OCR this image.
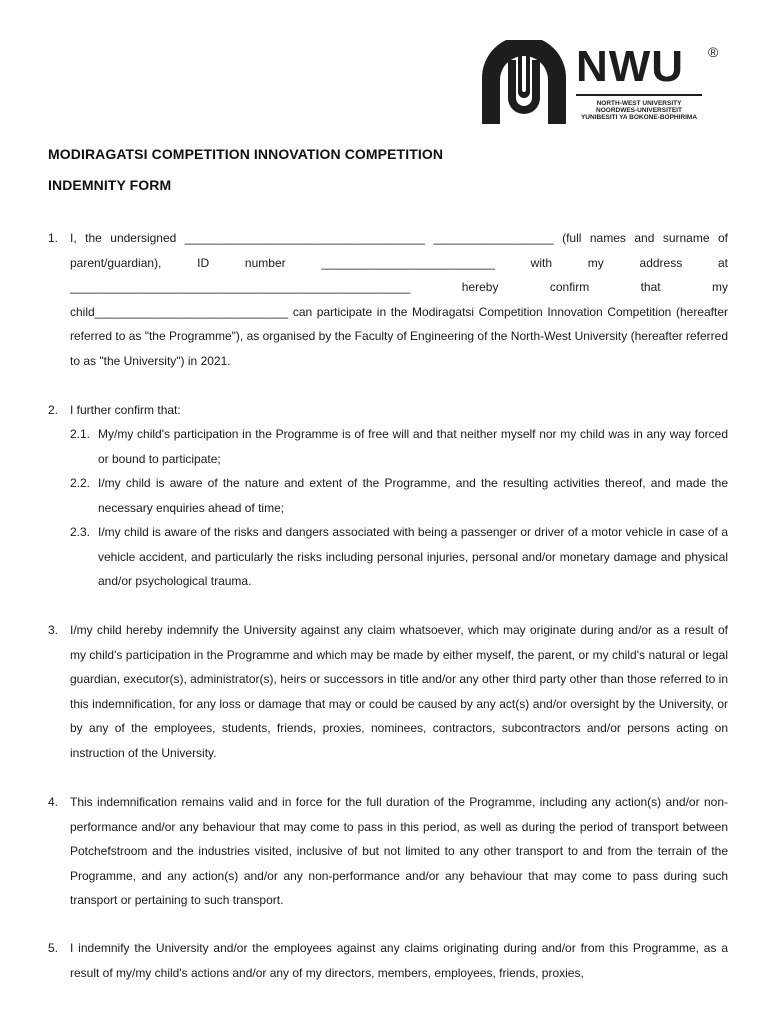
NWU ®
NORTH-WEST UNIVERSITY
NOORDWES-UNIVERSITEIT
YUNIBESITI YA BOKONE-BOPHIRIMA
MODIRAGATSI COMPETITION INNOVATION COMPETITION
INDEMNITY FORM
1. I, the undersigned ____________________________________ __________________ (full names and surname of
parent/guardian), ID number __________________________ with my address at
___________________________________________________ hereby confirm that my
child_____________________________ can participate in the Modiragatsi Competition Innovation Competition (hereafter referred to as "the Programme"), as organised by the Faculty of Engineering of the North-West University (hereafter referred to as "the University") in 2021.
2. I further confirm that:
2.1. My/my child's participation in the Programme is of free will and that neither myself nor my child was in any way forced or bound to participate;
2.2. I/my child is aware of the nature and extent of the Programme, and the resulting activities thereof, and made the necessary enquiries ahead of time;
2.3. I/my child is aware of the risks and dangers associated with being a passenger or driver of a motor vehicle in case of a vehicle accident, and particularly the risks including personal injuries, personal and/or monetary damage and physical and/or psychological trauma.
3. I/my child hereby indemnify the University against any claim whatsoever, which may originate during and/or as a result of my child's participation in the Programme and which may be made by either myself, the parent, or my child's natural or legal guardian, executor(s), administrator(s), heirs or successors in title and/or any other third party other than those referred to in this indemnification, for any loss or damage that may or could be caused by any act(s) and/or oversight by the University, or by any of the employees, students, friends, proxies, nominees, contractors, subcontractors and/or persons acting on instruction of the University.
4. This indemnification remains valid and in force for the full duration of the Programme, including any action(s) and/or non-performance and/or any behaviour that may come to pass in this period, as well as during the period of transport between Potchefstroom and the industries visited, inclusive of but not limited to any other transport to and from the terrain of the Programme, and any action(s) and/or any non-performance and/or any behaviour that may come to pass during such transport or pertaining to such transport.
5. I indemnify the University and/or the employees against any claims originating during and/or from this Programme, as a result of my/my child's actions and/or any of my directors, members, employees, friends, proxies,
